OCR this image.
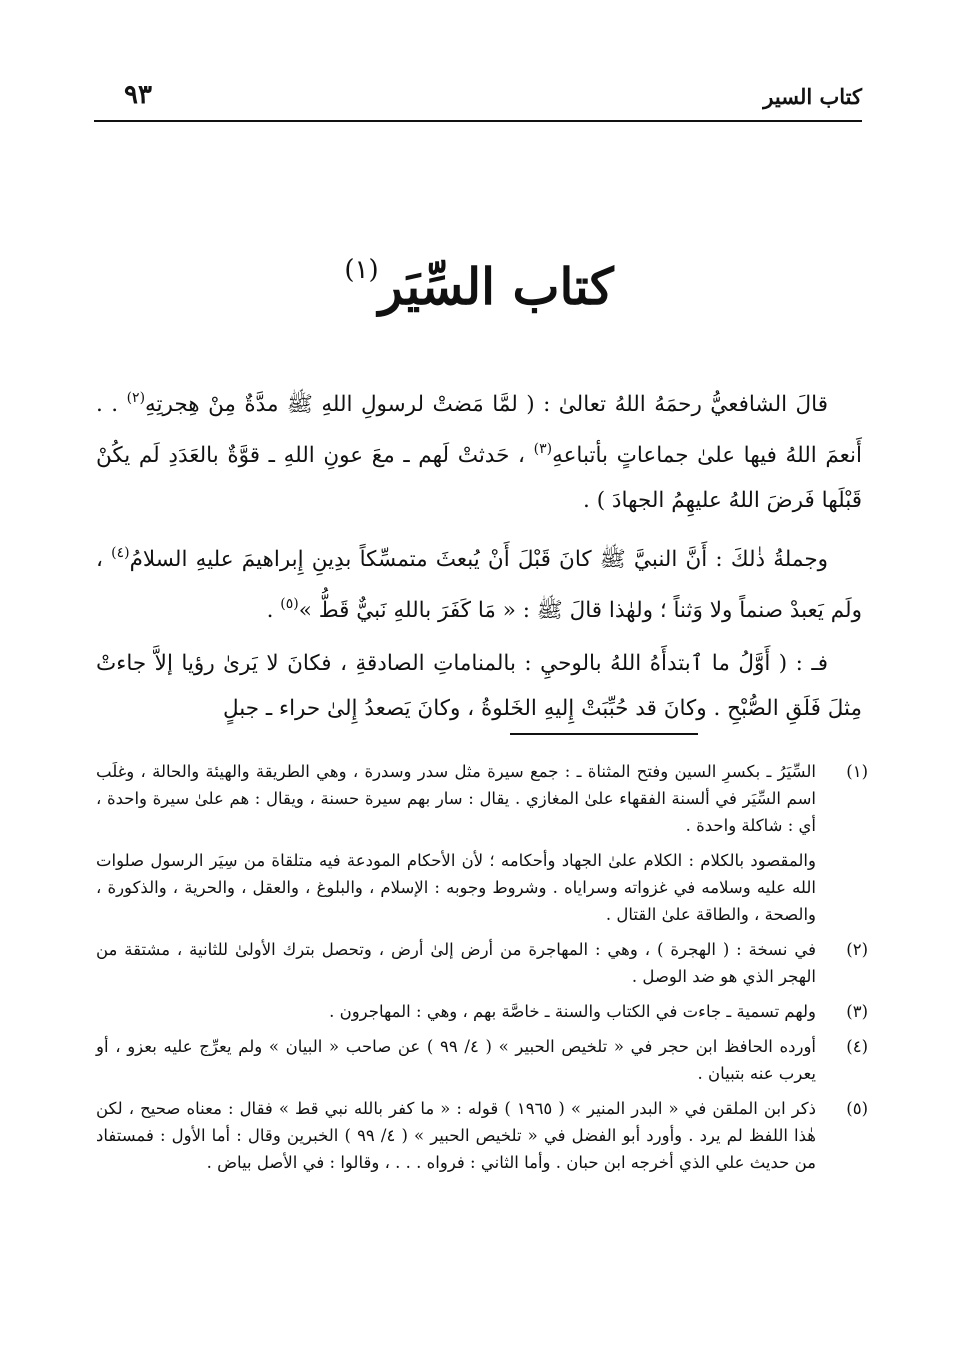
كتاب السير
٩٣
كتاب السِّيَر$^{(١)}$

قالَ الشافعيُّ رحمَهُ اللهُ تعالىٰ : ( لمَّا مَضتْ لرسولِ اللهِ ﷺ مدَّةٌ مِنْ هِجرتِهِ$^{(٢)}$ . . أَنعمَ اللهُ فيها علىٰ جماعاتٍ بأتباعهِ$^{(٣)}$ ، حَدثتْ لَهم ـ معَ عونِ اللهِ ـ قوَّةٌ بالعَدَدِ لَم يكُنْ قَبْلَها فَرضَ اللهُ عليهِمُ الجهادَ ) .

وجملةُ ذٰلكَ : أَنَّ النبيَّ ﷺ كانَ قَبْلَ أَنْ يُبعثَ متمسِّكاً بدِينِ إِبراهيمَ عليهِ السلامُ$^{(٤)}$ ، ولَم يَعبدْ صنماً ولا وَثناً ؛ ولهٰذا قالَ ﷺ : « مَا كَفَرَ باللهِ نَبيٌّ قَطُّ »$^{(٥)}$ .

فـ : ( أَوَّلُ ما ٱبتدأَهُ اللهُ بالوحيِ : بالمناماتِ الصادقةِ ، فكانَ لا يَرىٰ رؤيا إلاَّ جاءتْ مِثلَ فَلَقِ الصُّبْحِ . وكانَ قد حُبِّبَتْ إِليهِ الخَلوةُ ، وكانَ يَصعدُ إِلىٰ حراء ـ جبلٍ

(١)

السِّيَرُ ـ بكسرِ السين وفتح المثناة ـ : جمع سيرة مثل سدر وسدرة ، وهي الطريقة والهيئة والحالة ، وغلَب اسم السِّيَر في ألسنة الفقهاء علىٰ المغازي . يقال : سار بهم سيرة حسنة ، ويقال : هم علىٰ سيرة واحدة ، أي : شاكلة واحدة .

والمقصود بالكلام : الكلام علىٰ الجهاد وأحكامه ؛ لأن الأحكام المودعة فيه متلقاة من سِيَر الرسول صلوات الله عليه وسلامه في غزواته وسراياه . وشروط وجوبه : الإسلام ، والبلوغ ، والعقل ، والحرية ، والذكورة ، والصحة ، والطاقة علىٰ القتال .

(٢)

في نسخة : ( الهجرة ) ، وهي : المهاجرة من أرض إلىٰ أرض ، وتحصل بترك الأولىٰ للثانية ، مشتقة من الهجر الذي هو ضد الوصل .

(٣)

ولهم تسمية ـ جاءت في الكتاب والسنة ـ خاصَّة بهم ، وهي : المهاجرون .

(٤)

أورده الحافظ ابن حجر في « تلخيص الحبير » ( ٤/ ٩٩ ) عن صاحب « البيان » ولم يعرِّج عليه بعزو ، أو يعرب عنه بتبيان .

(٥)

ذكر ابن الملقن في « البدر المنير » ( ١٩٦٥ ) قوله : « ما كفر بالله نبي قط » فقال : معناه صحيح ، لكن هٰذا اللفظ لم يرد . وأورد أبو الفضل في « تلخيص الحبير » ( ٤/ ٩٩ ) الخبرين وقال : أما الأول : فمستفاد من حديث علي الذي أخرجه ابن حبان . وأما الثاني : فرواه . . . ، وقالوا : في الأصل بياض .
